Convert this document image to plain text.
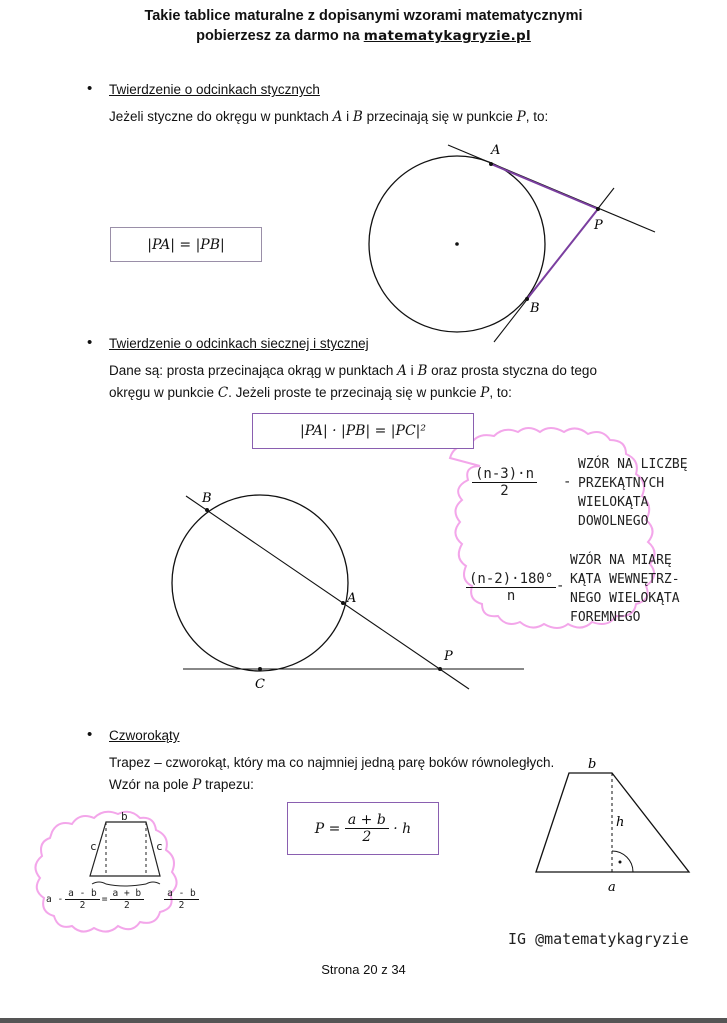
Takie tablice maturalne z dopisanymi wzorami matematycznymi
pobierzesz za darmo na matematykagryzie.pl
• Twierdzenie o odcinkach stycznych
Jeżeli styczne do okręgu w punktach A i B przecinają się w punkcie P, to:
|PA| = |PB|
A
P
B
B
A
C
P
b
h
a
• Twierdzenie o odcinkach siecznej i stycznej
Dane są: prosta przecinająca okrąg w punktach A i B oraz prosta styczna do tego
okręgu w punkcie C. Jeżeli proste te przecinają się w punkcie P, to:
|PA| · |PB| = |PC|²
$\frac{(n-3)\cdot n}{2}$ -
WZÓR NA LICZBĘ
PRZEKĄTNYCH
WIELOKĄTA
DOWOLNEGO
$\frac{(n-2)\cdot 180^\circ}{n}$ -
WZÓR NA MIARĘ
KĄTA WEWNĘTRZ-
NEGO WIELOKĄTA
FOREMNEGO
• Czworokąty
Trapez – czworokąt, który ma co najmniej jedną parę boków równoległych.
Wzór na pole P trapezu:
P =
$\frac{a + b}{2}$
· h
b
c	c
$a - \frac{a - b}{2} = \frac{a + b}{2} \frac{a - b}{2}$
IG @matematykagryzie
Strona 20 z 34
